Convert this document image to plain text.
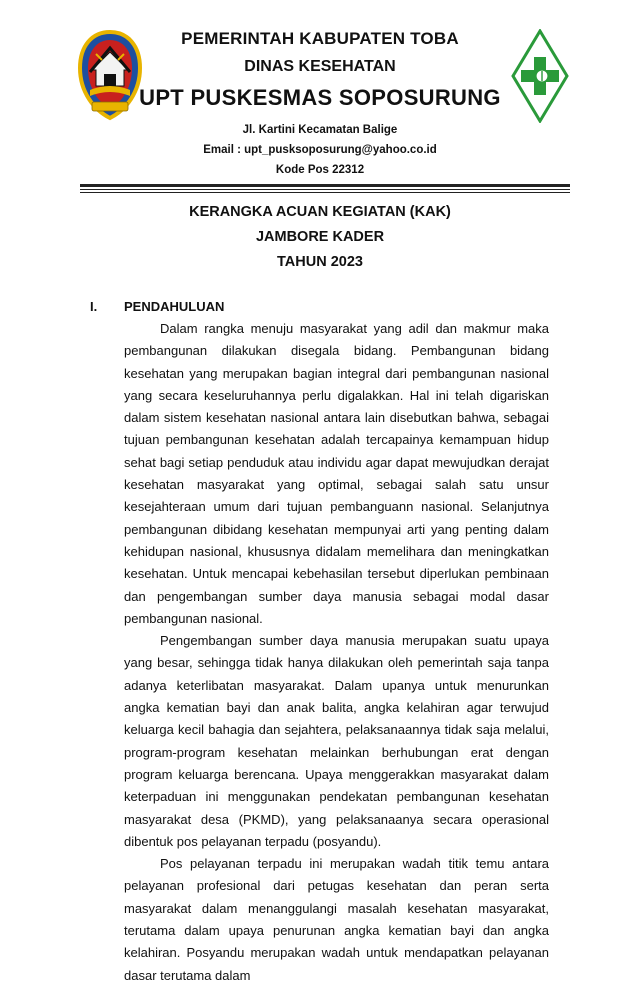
PEMERINTAH KABUPATEN TOBA
DINAS KESEHATAN
UPT PUSKESMAS SOPOSURUNG
Jl. Kartini Kecamatan Balige
Email : upt_pusksoposurung@yahoo.co.id
Kode Pos 22312
KERANGKA ACUAN KEGIATAN (KAK)
JAMBORE KADER
TAHUN 2023
I. PENDAHULUAN

Dalam rangka menuju masyarakat yang adil dan makmur maka pembangunan dilakukan disegala bidang. Pembangunan bidang kesehatan yang merupakan bagian integral dari pembangunan nasional yang secara keseluruhannya perlu digalakkan. Hal ini telah digariskan dalam sistem kesehatan nasional antara lain disebutkan bahwa, sebagai tujuan pembangunan kesehatan adalah tercapainya kemampuan hidup sehat bagi setiap penduduk atau individu agar dapat mewujudkan derajat kesehatan masyarakat yang optimal, sebagai salah satu unsur kesejahteraan umum dari tujuan pembanguann nasional. Selanjutnya pembangunan dibidang kesehatan mempunyai arti yang penting dalam kehidupan nasional, khususnya didalam memelihara dan meningkatkan kesehatan. Untuk mencapai kebehasilan tersebut diperlukan pembinaan dan pengembangan sumber daya manusia sebagai modal dasar pembangunan nasional.

Pengembangan sumber daya manusia merupakan suatu upaya yang besar, sehingga tidak hanya dilakukan oleh pemerintah saja tanpa adanya keterlibatan masyarakat. Dalam upanya untuk menurunkan angka kematian bayi dan anak balita, angka kelahiran agar terwujud keluarga kecil bahagia dan sejahtera, pelaksanaannya tidak saja melalui, program-program kesehatan melainkan berhubungan erat dengan program keluarga berencana. Upaya menggerakkan masyarakat dalam keterpaduan ini menggunakan pendekatan pembangunan kesehatan masyarakat desa (PKMD), yang pelaksanaanya secara operasional dibentuk pos pelayanan terpadu (posyandu).

Pos pelayanan terpadu ini merupakan wadah titik temu antara pelayanan profesional dari petugas kesehatan dan peran serta masyarakat dalam menanggulangi masalah kesehatan masyarakat, terutama dalam upaya penurunan angka kematian bayi dan angka kelahiran. Posyandu merupakan wadah untuk mendapatkan pelayanan dasar terutama dalam
